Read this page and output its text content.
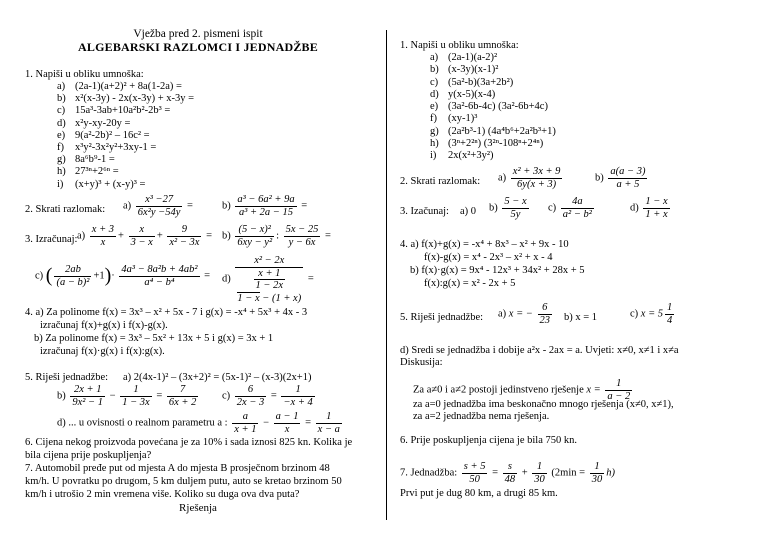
Vježba pred 2. pismeni ispit
ALGEBARSKI RAZLOMCI I JEDNADŽBE
1. Napiši u obliku umnoška:
a) (2a-1)(a+2)² + 8a(1-2a) =
b) x²(x-3y) - 2x(x-3y) + x-3y =
c) 15a³-3ab+10a²b²-2b³ =
d) x²y-xy-20y =
e) 9(a²-2b)² – 16c² =
f) x³y²-3x²y²+3xy-1 =
g) 8a⁶b⁹-1 =
h) 27³ⁿ+2⁶ⁿ =
i) (x+y)³ + (x-y)³ =
2. Skrati razlomak: $a) \frac{\text{x³ −27}}{\text{6x²y −54y}}$ =	$b) \frac{\text{a³ − 6a² + 9a}}{\text{a³ + 2a − 15}}$ =
3. Izračunaj: $a) \frac{x + 3}{x} + \frac{x}{3 - x} + \frac{9}{\text{x² − 3x}} = b) \frac{\text{(5 − x)²}}{\text{6xy − y²}}$ : $\frac{5x - 25}{y - 6x}$ =
c) ( $\frac{2ab}{\text{(a − b)²}} +1)\cdot \frac{\text{4a³ − 8a²b + 4ab²}}{\text{a⁴ − b⁴}} = d$)
x² − 2x
$\frac{x + 1}{1 - 2x}$

1 − x − (1 + x)
=
4. a) Za polinome f(x) = 3x³ – x² + 5x - 7 i g(x) = -x⁴ + 5x³ + 4x - 3
izračunaj f(x)+g(x) i f(x)-g(x).
b) Za polinome f(x) = 3x³ – 5x² + 13x + 5 i g(x) = 3x + 1
izračunaj f(x)·g(x) i f(x):g(x).
5. Riješi jednadžbe: a) 2(4x-1)² – (3x+2)² = (5x-1)² – (x-3)(2x+1)
$b) \frac{2x + 1}{\text{9x² − 1}} - \frac{1}{1 - 3x} = \frac{7}{6x + 2} c) \frac{6}{2x - 3} = \frac{1}{-x + 4}$
d) ... u ovisnosti o realnom parametru a : $\frac{a}{x + 1} - \frac{a - 1}{x} = \frac{1}{x - a}$
6. Cijena nekog proizvoda povećana je za 10% i sada iznosi 825 kn. Kolika je
bila cijena prije poskupljenja?
7. Automobil pređe put od mjesta A do mjesta B prosječnom brzinom 48
km/h. U povratku po drugom, 5 km duljem putu, auto se kretao brzinom 50
km/h i utrošio 2 min vremena više. Koliko su duga ova dva puta?
Rješenja
1. Napiši u obliku umnoška:
a) (2a-1)(a-2)²
b) (x-3y)(x-1)²
c) (5a²-b)(3a+2b²)
d) y(x-5)(x-4)
e) (3a²-6b-4c) (3a²-6b+4c)
f) (xy-1)³
g) (2a²b³-1) (4a⁴b⁶+2a²b³+1)
h) (3ⁿ+2²ⁿ) (3²ⁿ-108ⁿ+2⁴ⁿ)
i) 2x(x²+3y²)
2. Skrati razlomak: $a) \frac{\text{x² + 3x + 9}}{6y(x + 3)}$	$b) \frac{a(a - 3)}{a + 5}$
3. Izačunaj: a) 0 $b) \frac{5 - x}{5y} c) \frac{4a}{\text{a² − b²}}$	$d) \frac{1 - x}{1 + x}$
4. a) f(x)+g(x) = -x⁴ + 8x³ – x² + 9x - 10
f(x)-g(x) = x⁴ - 2x³ – x² + x - 4
b) f(x)·g(x) = 9x⁴ - 12x³ + 34x² + 28x + 5
f(x):g(x) = x² - 2x + 5
5. Riješi jednadžbe: a) x = − $\frac{6}{23} b$) x = 1	c) $x = 5 \frac{1}{4}$
d) Sredi se jednadžba i dobije a²x - 2ax = a. Uvjeti: x≠0, x≠1 i x≠a
Diskusija:
Za a≠0 i a≠2 postoji jedinstveno rješenje $x = \frac{1}{a - 2}$
za a=0 jednadžba ima beskonačno mnogo rješenja (x≠0, x≠1),
za a=2 jednadžba nema rješenja.
6. Prije poskupljenja cijena je bila 750 kn.
7. Jednadžba: $\frac{s + 5}{50} = \frac{s}{48} + \frac{1}{30} (2\min = \frac{1}{30} h)$
Prvi put je dug 80 km, a drugi 85 km.
